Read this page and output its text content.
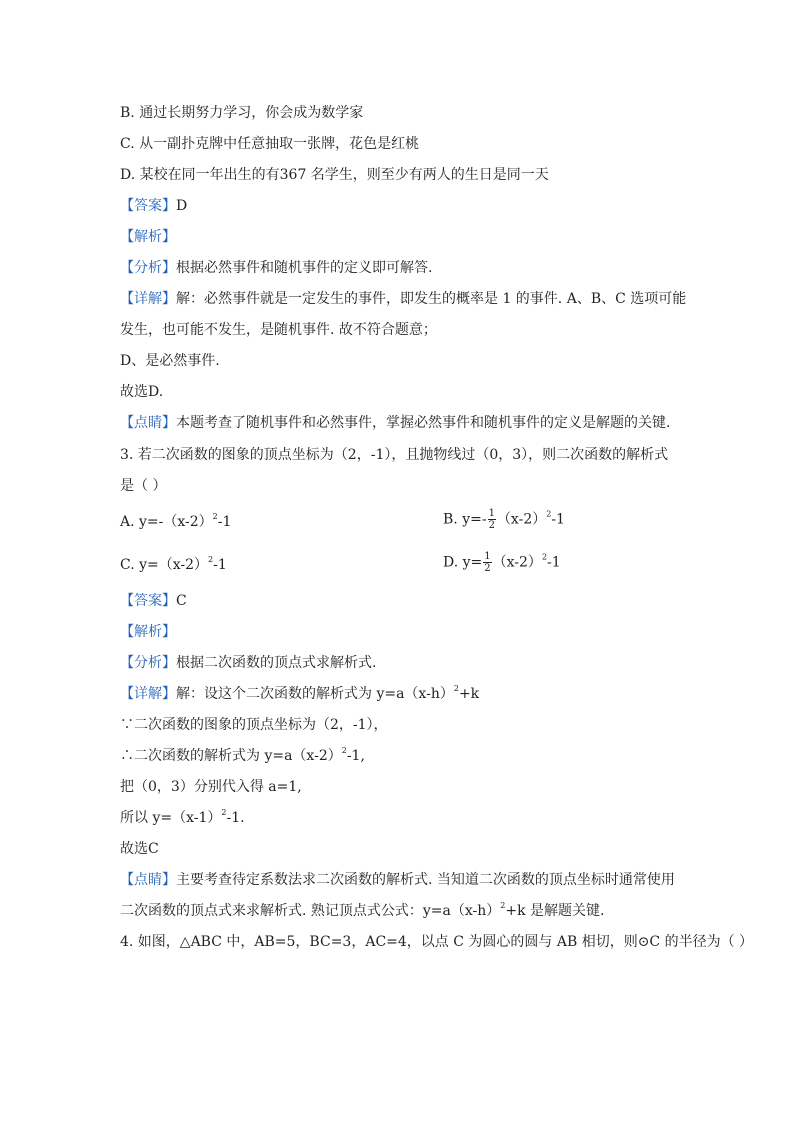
B. 通过长期努力学习，你会成为数学家
C. 从一副扑克牌中任意抽取一张牌，花色是红桃
D. 某校在同一年出生的有367 名学生，则至少有两人的生日是同一天
【答案】D
【解析】
【分析】根据必然事件和随机事件的定义即可解答.
【详解】解：必然事件就是一定发生的事件，即发生的概率是 1 的事件. A、B、C 选项可能
发生，也可能不发生，是随机事件. 故不符合题意；
D、是必然事件.
故选D.
【点睛】本题考查了随机事件和必然事件，掌握必然事件和随机事件的定义是解题的关键.
3. 若二次函数的图象的顶点坐标为（2，-1），且抛物线过（0，3），则二次函数的解析式
是（ ）
A. $y=-(x-2)^2-1$	B. $y=- \frac{1}{2} (x-2)^2-1$
C. $y=(x-2)^2-1$	D. $y= \frac{1}{2} (x-2)^2-1$
【答案】C
【解析】
【分析】根据二次函数的顶点式求解析式.
【详解】解：设这个二次函数的解析式为 $y=a(x-h)^2+k$
∵二次函数的图象的顶点坐标为（2，-1），
∴二次函数的解析式为 $y=a(x-2)^2-1$,
把（0，3）分别代入得 a=1,
所以 $y=(x-1)^2-1$.
故选C
【点睛】主要考查待定系数法求二次函数的解析式. 当知道二次函数的顶点坐标时通常使用
二次函数的顶点式来求解析式. 熟记顶点式公式：$y=a(x-h)^2+k$ 是解题关键.
4. 如图，△ABC 中，AB=5，BC=3，AC=4，以点 C 为圆心的圆与 AB 相切，则⊙C 的半径为（ ）
